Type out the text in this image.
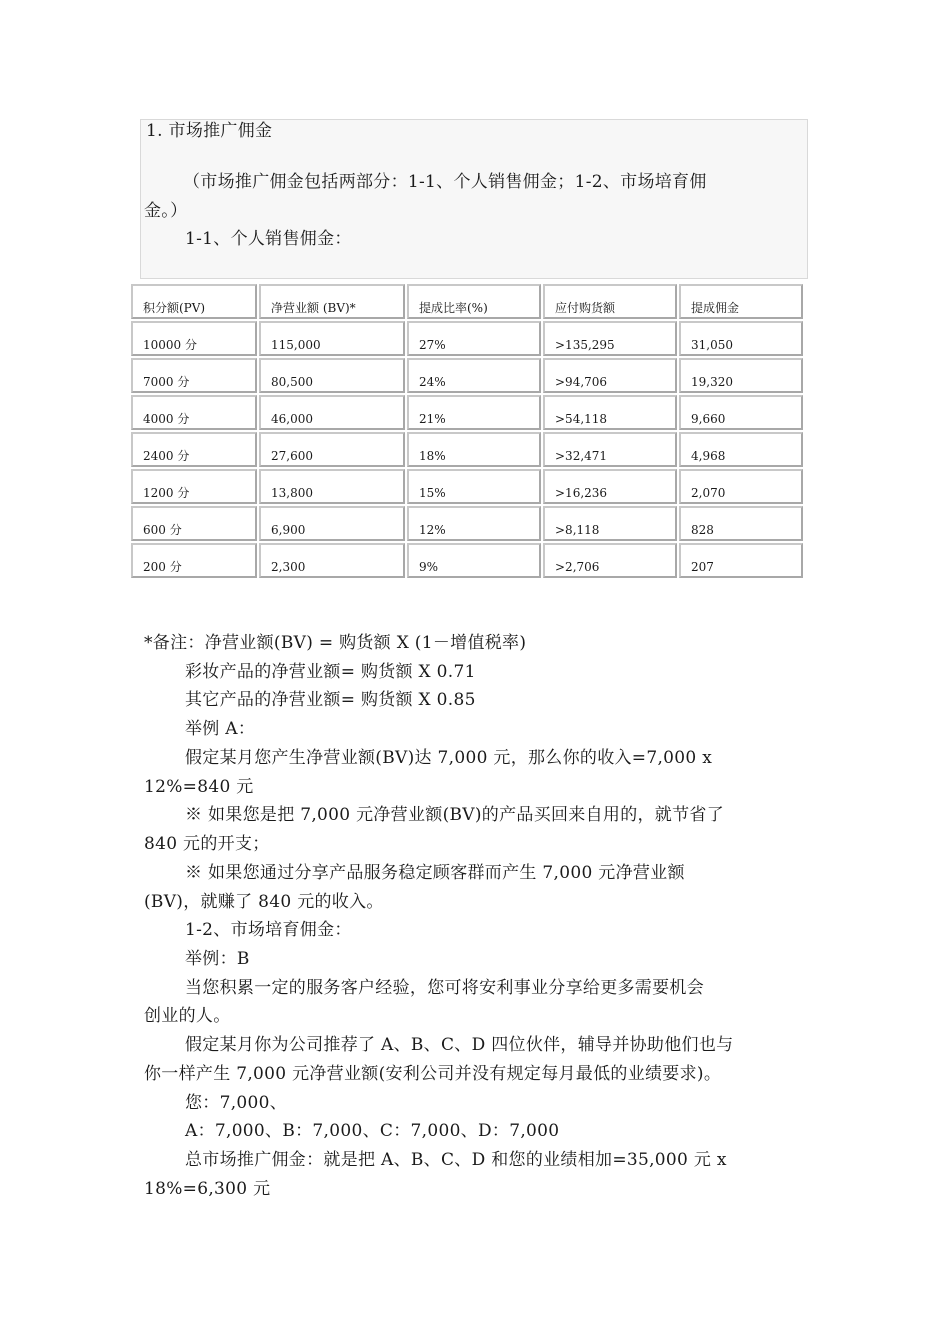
1. 市场推广佣金
（市场推广佣金包括两部分：1-1、个人销售佣金；1-2、市场培育佣
金。）
1-1、个人销售佣金：
积分额(PV)	净营业额 (BV)*	提成比率(%)	应付购货额	提成佣金
10000 分	115,000	27%	>135,295	31,050
7000 分	80,500	24%	>94,706	19,320
4000 分	46,000	21%	>54,118	9,660
2400 分	27,600	18%	>32,471	4,968
1200 分	13,800	15%	>16,236	2,070
600 分	6,900	12%	>8,118	828
200 分	2,300	9%	>2,706	207
*备注：净营业额(BV) = 购货额 X (1－增值税率)
彩妆产品的净营业额= 购货额 X 0.71
其它产品的净营业额= 购货额 X 0.85
举例 A：
假定某月您产生净营业额(BV)达 7,000 元，那么你的收入=7,000 x
12%=840 元
※ 如果您是把 7,000 元净营业额(BV)的产品买回来自用的，就节省了
840 元的开支；
※ 如果您通过分享产品服务稳定顾客群而产生 7,000 元净营业额
(BV)，就赚了 840 元的收入。
1-2、市场培育佣金：
举例：B
当您积累一定的服务客户经验，您可将安利事业分享给更多需要机会
创业的人。
假定某月你为公司推荐了 A、B、C、D 四位伙伴，辅导并协助他们也与
你一样产生 7,000 元净营业额(安利公司并没有规定每月最低的业绩要求)。
您：7,000、
A：7,000、B：7,000、C：7,000、D：7,000
总市场推广佣金：就是把 A、B、C、D 和您的业绩相加=35,000 元 x
18%=6,300 元
